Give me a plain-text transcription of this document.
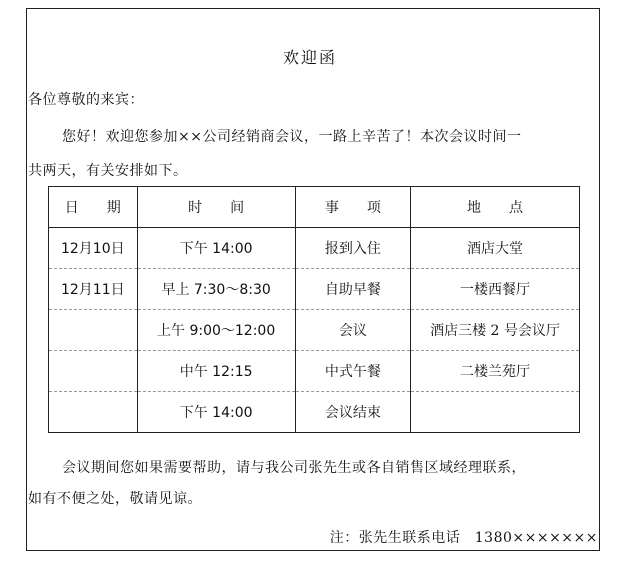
欢迎函
各位尊敬的来宾：
您好！欢迎您参加××公司经销商会议，一路上辛苦了！本次会议时间一
共两天，有关安排如下。
日　　期	时　　间	事　　项	地　　点
12月10日	下午 14:00	报到入住	酒店大堂
12月11日	早上 7:30～8:30	自助早餐	一楼西餐厅
	上午 9:00～12:00	会议	酒店三楼 2 号会议厅
	中午 12:15	中式午餐	二楼兰苑厅
	下午 14:00	会议结束	
会议期间您如果需要帮助，请与我公司张先生或各自销售区域经理联系，
如有不便之处，敬请见谅。
注：张先生联系电话　1380×××××××
